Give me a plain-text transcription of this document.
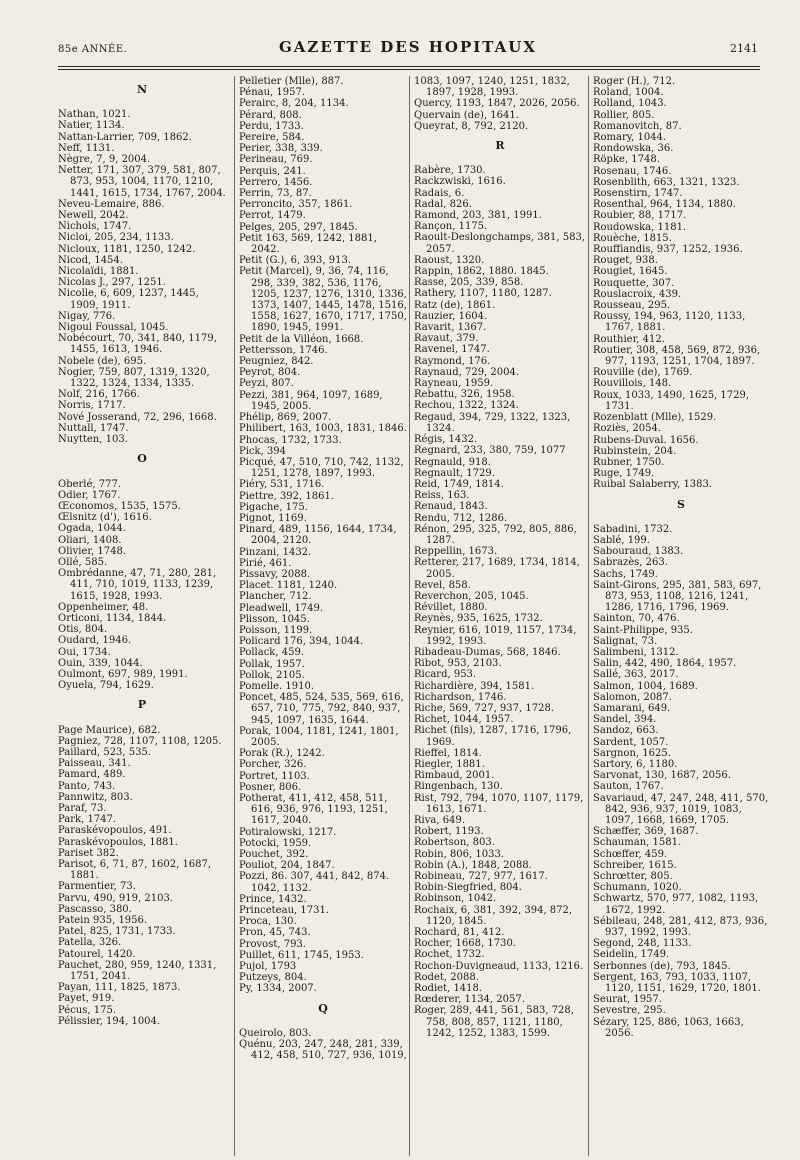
85e ANNÉE.	GAZETTE DES HOPITAUX	2141
N
Nathan, 1021.
Natier, 1134.
Nattan-Larrier, 709, 1862.
Neff, 1131.
Nègre, 7, 9, 2004.
Netter, 171, 307, 379, 581, 807, 873, 953, 1004, 1170, 1210, 1441, 1615, 1734, 1767, 2004.
Neveu-Lemaire, 886.
Newell, 2042.
Nichols, 1747.
Nicloi, 205, 234, 1133.
Nicloux, 1181, 1250, 1242.
Nicod, 1454.
Nicolaïdi, 1881.
Nicolas J., 297, 1251.
Nicolle, 6, 609, 1237, 1445, 1909, 1911.
Nigay, 776.
Nigoul Foussal, 1045.
Nobécourt, 70, 341, 840, 1179, 1455, 1613, 1946.
Nobele (de), 695.
Nogier, 759, 807, 1319, 1320, 1322, 1324, 1334, 1335.
Nolf, 216, 1766.
Norris, 1717.
Nové Josserand, 72, 296, 1668.
Nuttall, 1747.
Nuytten, 103.
O
Oberlé, 777.
Odier, 1767.
Œconomos, 1535, 1575.
Œlsnitz (d'), 1616.
Ogada, 1044.
Oliari, 1408.
Olivier, 1748.
Ollé, 585.
Ombrédanne, 47, 71, 280, 281, 411, 710, 1019, 1133, 1239, 1615, 1928, 1993.
Oppenheimer, 48.
Orticoni, 1134, 1844.
Otis, 804.
Oudard, 1946.
Oui, 1734.
Ouin, 339, 1044.
Oulmont, 697, 989, 1991.
Oyuela, 794, 1629.
P
Page Maurice), 682.
Pagniez, 728, 1107, 1108, 1205.
Paillard, 523, 535.
Paisseau, 341.
Pamard, 489.
Panto, 743.
Pannwitz, 803.
Paraf, 73.
Park, 1747.
Paraskévopoulos, 491.
Paraskévopoulos, 1881.
Pariset 382.
Parisot, 6, 71, 87, 1602, 1687, 1881.
Parmentier, 73.
Parvu, 490, 919, 2103.
Pascasso, 380.
Patein 935, 1956.
Patel, 825, 1731, 1733.
Patella, 326.
Patourel, 1420.
Pauchet, 280, 959, 1240, 1331, 1751, 2041.
Payan, 111, 1825, 1873.
Payet, 919.
Pécus, 175.
Pélissier, 194, 1004.
Pelletier (Mlle), 887.
Pénau, 1957.
Perairc, 8, 204, 1134.
Pérard, 808.
Perdu, 1733.
Pereire, 584.
Perier, 338, 339.
Perineau, 769.
Perquis, 241.
Perrero, 1456.
Perrin, 73, 87.
Perroncito, 357, 1861.
Perrot, 1479.
Pelges, 205, 297, 1845.
Petit 163, 569, 1242, 1881, 2042.
Petit (G.), 6, 393, 913.
Petit (Marcel), 9, 36, 74, 116, 298, 339, 382, 536, 1176, 1205, 1237, 1276, 1310, 1336, 1373, 1407, 1445, 1478, 1516, 1558, 1627, 1670, 1717, 1750, 1890, 1945, 1991.
Petit de la Villéon, 1668.
Pettersson, 1746.
Peugniez, 842.
Peyrot, 804.
Peyzi, 807.
Pezzi, 381, 964, 1097, 1689, 1945, 2005.
Phélip, 869, 2007.
Philibert, 163, 1003, 1831, 1846.
Phocas, 1732, 1733.
Pick, 394
Picqué, 47, 510, 710, 742, 1132, 1251, 1278, 1897, 1993.
Piéry, 531, 1716.
Piettre, 392, 1861.
Pigache, 175.
Pignot, 1169.
Pinard, 489, 1156, 1644, 1734, 2004, 2120.
Pinzani, 1432.
Pirié, 461.
Pissavy, 2088.
Placet. 1181, 1240.
Plancher, 712.
Pleadwell, 1749.
Plisson, 1045.
Poisson, 1199.
Policard 176, 394, 1044.
Pollack, 459.
Pollak, 1957.
Pollok, 2105.
Pomelle. 1910.
Poncet, 485, 524, 535, 569, 616, 657, 710, 775, 792, 840, 937, 945, 1097, 1635, 1644.
Porak, 1004, 1181, 1241, 1801, 2005.
Porak (R.), 1242.
Porcher, 326.
Portret, 1103.
Posner, 806.
Potherat, 411, 412, 458, 511, 616, 936, 976, 1193, 1251, 1617, 2040.
Potiralowski, 1217.
Potocki, 1959.
Pouchet, 392.
Pouliot, 204, 1847.
Pozzi, 86. 307, 441, 842, 874. 1042, 1132.
Prince, 1432.
Princeteau, 1731.
Proca, 130.
Pron, 45, 743.
Provost, 793.
Puillet, 611, 1745, 1953.
Pujol, 1793
Putzeys, 804.
Py, 1334, 2007.
Q
Queirolo, 803.
Quénu, 203, 247, 248, 281, 339, 412, 458, 510, 727, 936, 1019,
1083, 1097, 1240, 1251, 1832, 1897, 1928, 1993.
Quercy, 1193, 1847, 2026, 2056.
Quervain (de), 1641.
Queyrat, 8, 792, 2120.
R
Rabère, 1730.
Rackzwiski, 1616.
Radais, 6.
Radal, 826.
Ramond, 203, 381, 1991.
Rançon, 1175.
Raoult-Deslongchamps, 381, 583, 2057.
Raoust, 1320.
Rappin, 1862, 1880. 1845.
Rasse, 205, 339, 858.
Rathery, 1107, 1180, 1287.
Ratz (de), 1861.
Rauzier, 1604.
Ravarit, 1367.
Ravaut, 379.
Ravenel, 1747.
Raymond, 176.
Raynaud, 729, 2004.
Rayneau, 1959.
Rebattu, 326, 1958.
Rechou, 1322, 1324.
Regaud, 394, 729, 1322, 1323, 1324.
Régis, 1432.
Regnard, 233, 380, 759, 1077
Regnauld, 918.
Regnault, 1729.
Reid, 1749, 1814.
Reiss, 163.
Renaud, 1843.
Rendu, 712, 1286.
Rénon, 295, 325, 792, 805, 886, 1287.
Reppellin, 1673.
Retterer, 217, 1689, 1734, 1814, 2005.
Revel, 858.
Reverchon, 205, 1045.
Révillet, 1880.
Reynès, 935, 1625, 1732.
Reynier, 616, 1019, 1157, 1734, 1992, 1993.
Ribadeau-Dumas, 568, 1846.
Ribot, 953, 2103.
Ricard, 953.
Richardière, 394, 1581.
Richardson, 1746.
Riche, 569, 727, 937, 1728.
Richet, 1044, 1957.
Richet (fils), 1287, 1716, 1796, 1969.
Rieffel, 1814.
Riegler, 1881.
Rimbaud, 2001.
Ringenbach, 130.
Rist, 792, 794, 1070, 1107, 1179, 1613, 1671.
Riva, 649.
Robert, 1193.
Robertson, 803.
Robin, 806, 1033.
Robin (A.), 1848, 2088.
Robineau, 727, 977, 1617.
Robin-Siegfried, 804.
Robinson, 1042.
Rochaix, 6, 381, 392, 394, 872, 1120, 1845.
Rochard, 81, 412.
Rocher, 1668, 1730.
Rochet, 1732.
Rochon-Duvigneaud, 1133, 1216.
Rodet, 2088.
Rodiet, 1418.
Rœderer, 1134, 2057.
Roger, 289, 441, 561, 583, 728, 758, 808, 857, 1121, 1180, 1242, 1252, 1383, 1599.
Roger (H.), 712.
Roland, 1004.
Rolland, 1043.
Rollier, 805.
Romanovitch, 87.
Romary, 1044.
Rondowska, 36.
Röpke, 1748.
Rosenau, 1746.
Rosenblith, 663, 1321, 1323.
Rosenstirn, 1747.
Rosenthal, 964, 1134, 1880.
Roubier, 88, 1717.
Roudowska, 1181.
Rouèche, 1815.
Rouffiandis, 937, 1252, 1936.
Rouget, 938.
Rougiet, 1645.
Rouquette, 307.
Rouslacroix, 439.
Rousseau, 295.
Roussy, 194, 963, 1120, 1133, 1767, 1881.
Routhier, 412.
Routier, 308, 458, 569, 872, 936, 977, 1193, 1251, 1704, 1897.
Rouville (de), 1769.
Rouvillois, 148.
Roux, 1033, 1490, 1625, 1729, 1731.
Rozenblatt (Mlle), 1529.
Roziès, 2054.
Rubens-Duval. 1656.
Rubinstein, 204.
Rubner, 1750.
Ruge, 1749.
Ruibal Salaberry, 1383.
S
Sabadini, 1732.
Sablé, 199.
Sabouraud, 1383.
Sabrazès, 263.
Sachs, 1749.
Saint-Girons, 295, 381, 583, 697, 873, 953, 1108, 1216, 1241, 1286, 1716, 1796, 1969.
Sainton, 70, 476.
Saint-Philippe, 935.
Salignat, 73.
Salimbeni, 1312.
Salin, 442, 490, 1864, 1957.
Sallé, 363, 2017.
Salmon, 1004, 1689.
Salomon, 2087.
Samarani, 649.
Sandel, 394.
Sandoz, 663.
Sardent, 1057.
Sargnon, 1625.
Sartory, 6, 1180.
Sarvonat, 130, 1687, 2056.
Sauton, 1767.
Savariaud, 47, 247, 248, 411, 570, 842, 936, 937, 1019, 1083, 1097, 1668, 1669, 1705.
Schæffer, 369, 1687.
Schauman, 1581.
Schœffer, 459.
Schreiber, 1615.
Schrœtter, 805.
Schumann, 1020.
Schwartz, 570, 977, 1082, 1193, 1672, 1992.
Sébileau, 248, 281, 412, 873, 936, 937, 1992, 1993.
Segond, 248, 1133.
Seidelin, 1749.
Serbonnes (de), 793, 1845.
Sergent, 163, 793, 1033, 1107, 1120, 1151, 1629, 1720, 1801.
Seurat, 1957.
Sevestre, 295.
Sézary, 125, 886, 1063, 1663, 2056.
